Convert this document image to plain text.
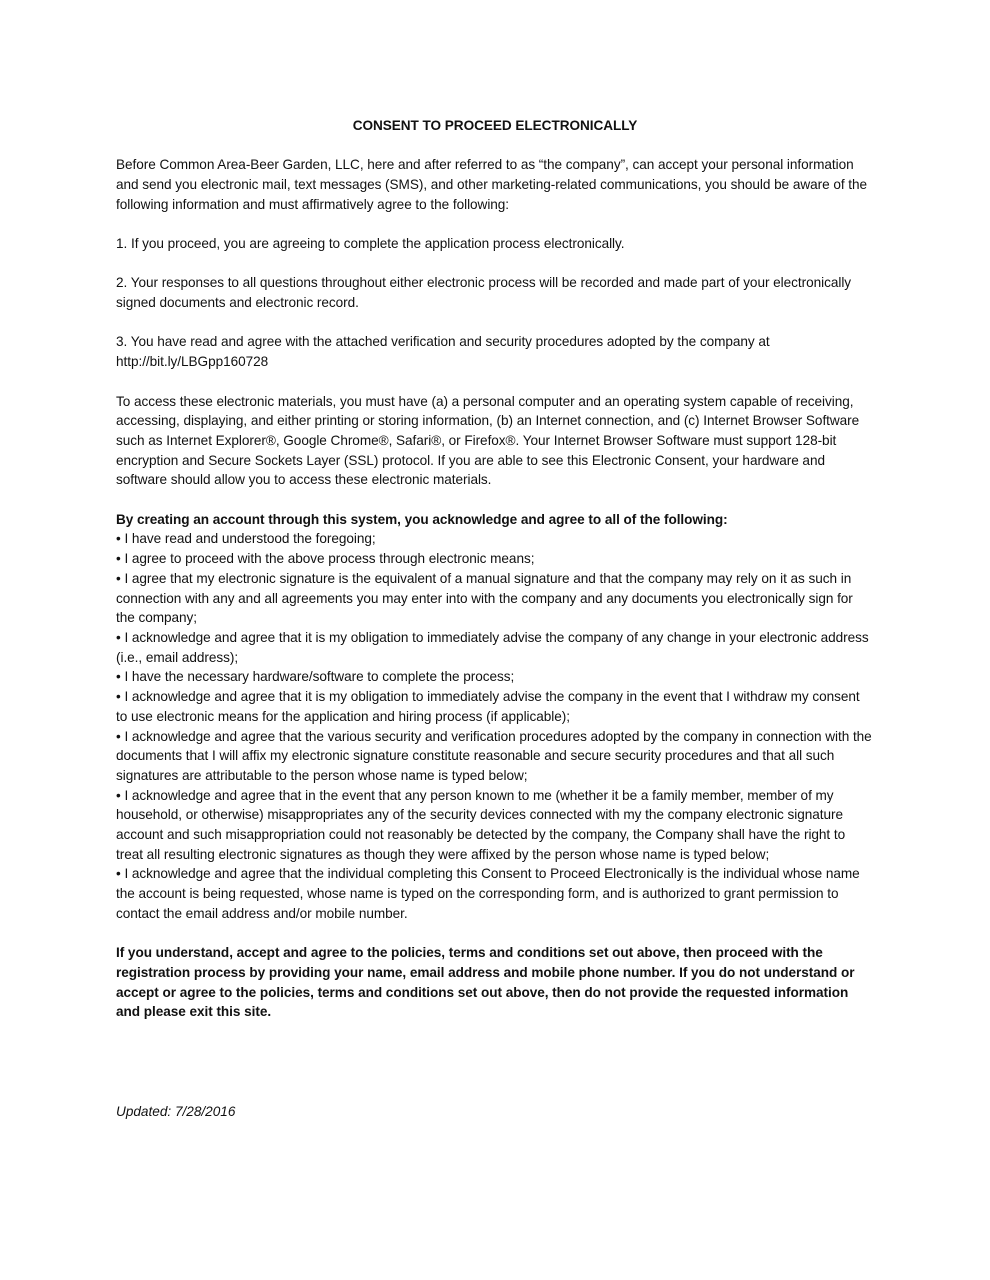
CONSENT TO PROCEED ELECTRONICALLY

Before Common Area-Beer Garden, LLC, here and after referred to as “the company”, can accept your personal information and send you electronic mail, text messages (SMS), and other marketing-related communications, you should be aware of the following information and must affirmatively agree to the following:

1. If you proceed, you are agreeing to complete the application process electronically.

2. Your responses to all questions throughout either electronic process will be recorded and made part of your electronically signed documents and electronic record.

3. You have read and agree with the attached verification and security procedures adopted by the company at
http://bit.ly/LBGpp160728

To access these electronic materials, you must have (a) a personal computer and an operating system capable of receiving, accessing, displaying, and either printing or storing information, (b) an Internet connection, and (c) Internet Browser Software such as Internet Explorer®, Google Chrome®, Safari®, or Firefox®. Your Internet Browser Software must support 128-bit encryption and Secure Sockets Layer (SSL) protocol. If you are able to see this Electronic Consent, your hardware and software should allow you to access these electronic materials.

By creating an account through this system, you acknowledge and agree to all of the following:

• I have read and understood the foregoing;
• I agree to proceed with the above process through electronic means;
• I agree that my electronic signature is the equivalent of a manual signature and that the company may rely on it as such in connection with any and all agreements you may enter into with the company and any documents you electronically sign for the company;
• I acknowledge and agree that it is my obligation to immediately advise the company of any change in your electronic address (i.e., email address);
• I have the necessary hardware/software to complete the process;
• I acknowledge and agree that it is my obligation to immediately advise the company in the event that I withdraw my consent to use electronic means for the application and hiring process (if applicable);
• I acknowledge and agree that the various security and verification procedures adopted by the company in connection with the documents that I will affix my electronic signature constitute reasonable and secure security procedures and that all such signatures are attributable to the person whose name is typed below;
• I acknowledge and agree that in the event that any person known to me (whether it be a family member, member of my household, or otherwise) misappropriates any of the security devices connected with my the company electronic signature account and such misappropriation could not reasonably be detected by the company, the Company shall have the right to treat all resulting electronic signatures as though they were affixed by the person whose name is typed below;
• I acknowledge and agree that the individual completing this Consent to Proceed Electronically is the individual whose name the account is being requested, whose name is typed on the corresponding form, and is authorized to grant permission to contact the email address and/or mobile number.

If you understand, accept and agree to the policies, terms and conditions set out above, then proceed with the registration process by providing your name, email address and mobile phone number. If you do not understand or accept or agree to the policies, terms and conditions set out above, then do not provide the requested information and please exit this site.

Updated: 7/28/2016
